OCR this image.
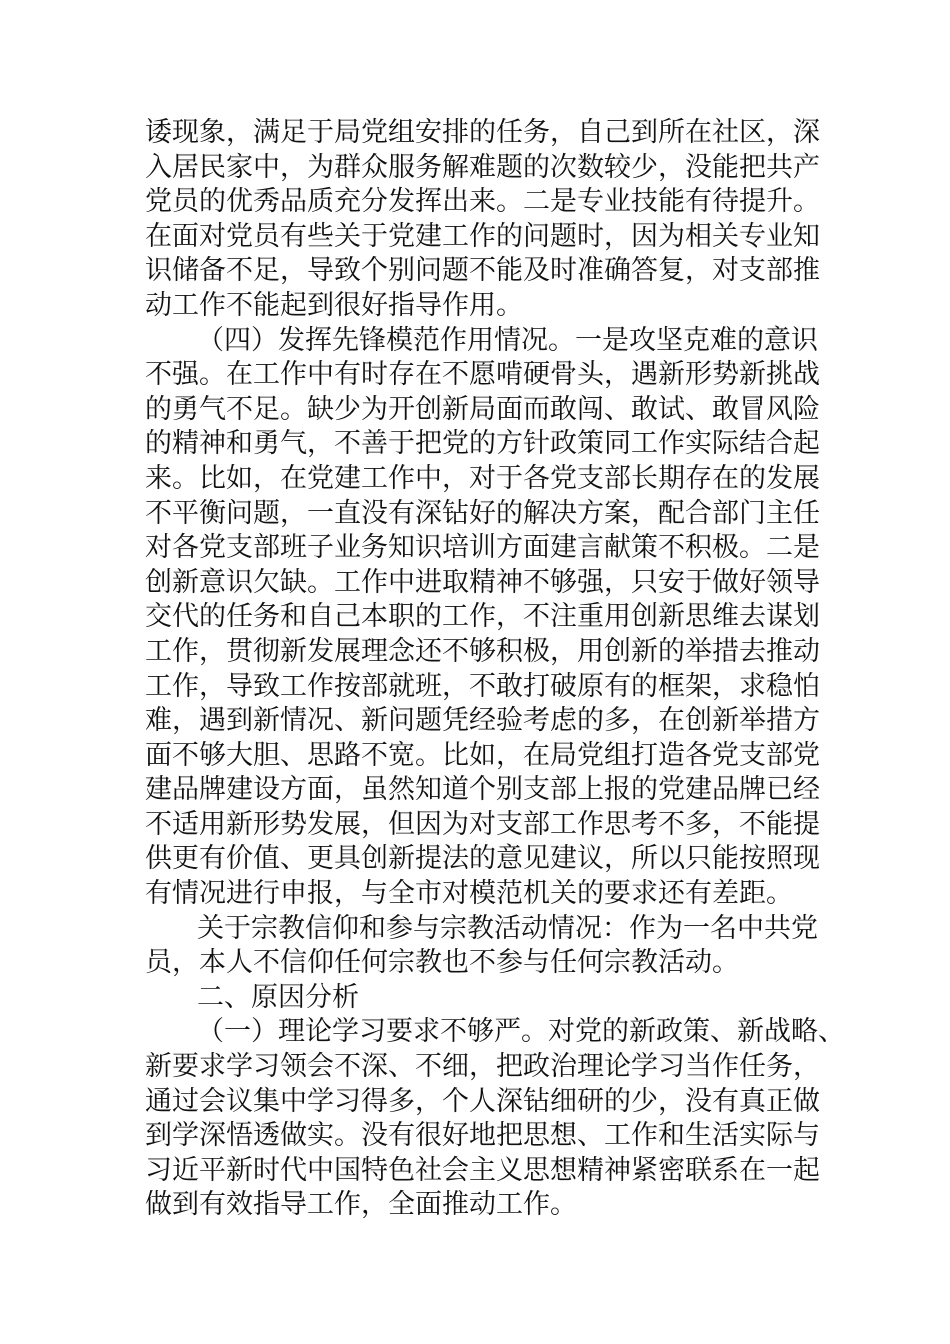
诿现象，满足于局党组安排的任务，自己到所在社区，深
入居民家中，为群众服务解难题的次数较少，没能把共产
党员的优秀品质充分发挥出来。二是专业技能有待提升。
在面对党员有些关于党建工作的问题时，因为相关专业知
识储备不足，导致个别问题不能及时准确答复，对支部推
动工作不能起到很好指导作用。
（四）发挥先锋模范作用情况。一是攻坚克难的意识
不强。在工作中有时存在不愿啃硬骨头，遇新形势新挑战
的勇气不足。缺少为开创新局面而敢闯、敢试、敢冒风险
的精神和勇气，不善于把党的方针政策同工作实际结合起
来。比如，在党建工作中，对于各党支部长期存在的发展
不平衡问题，一直没有深钻好的解决方案，配合部门主任
对各党支部班子业务知识培训方面建言献策不积极。二是
创新意识欠缺。工作中进取精神不够强，只安于做好领导
交代的任务和自己本职的工作，不注重用创新思维去谋划
工作，贯彻新发展理念还不够积极，用创新的举措去推动
工作，导致工作按部就班，不敢打破原有的框架，求稳怕
难，遇到新情况、新问题凭经验考虑的多，在创新举措方
面不够大胆、思路不宽。比如，在局党组打造各党支部党
建品牌建设方面，虽然知道个别支部上报的党建品牌已经
不适用新形势发展，但因为对支部工作思考不多，不能提
供更有价值、更具创新提法的意见建议，所以只能按照现
有情况进行申报，与全市对模范机关的要求还有差距。
关于宗教信仰和参与宗教活动情况：作为一名中共党
员，本人不信仰任何宗教也不参与任何宗教活动。
二、原因分析
（一）理论学习要求不够严。对党的新政策、新战略、
新要求学习领会不深、不细，把政治理论学习当作任务，
通过会议集中学习得多，个人深钻细研的少，没有真正做
到学深悟透做实。没有很好地把思想、工作和生活实际与
习近平新时代中国特色社会主义思想精神紧密联系在一起
做到有效指导工作，全面推动工作。
